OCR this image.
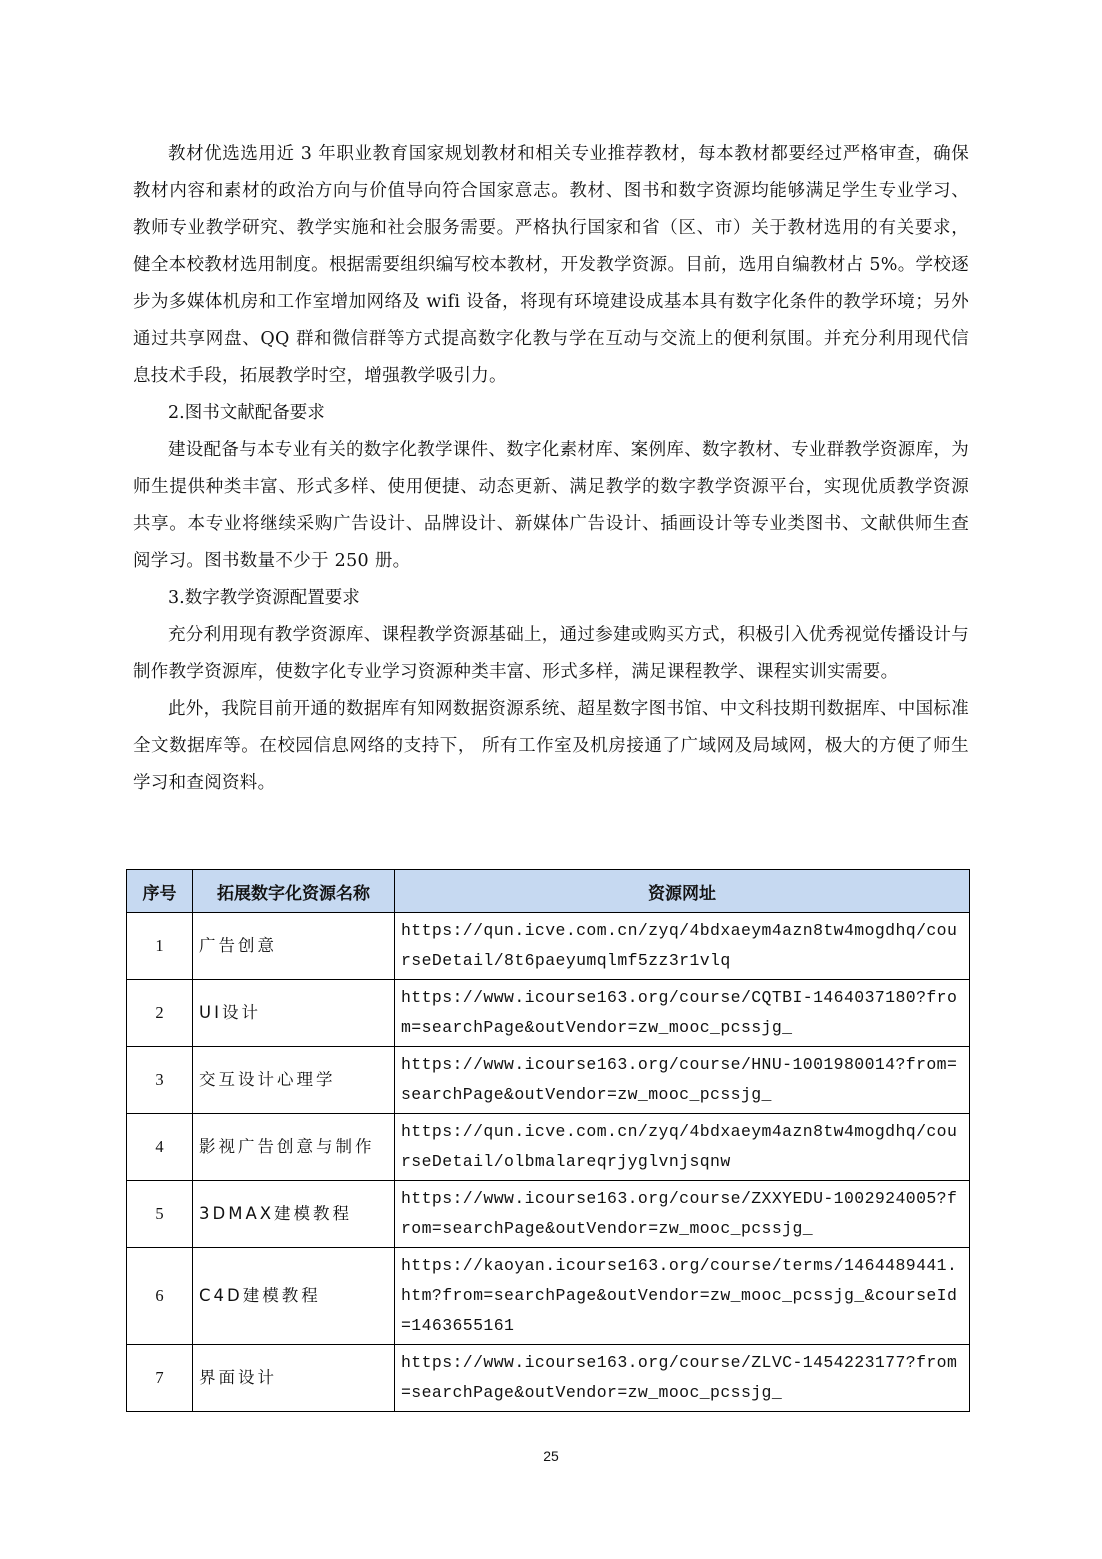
教材优选选用近 3 年职业教育国家规划教材和相关专业推荐教材，每本教材都要经过严格审查，确保教材内容和素材的政治方向与价值导向符合国家意志。教材、图书和数字资源均能够满足学生专业学习、教师专业教学研究、教学实施和社会服务需要。严格执行国家和省（区、市）关于教材选用的有关要求，健全本校教材选用制度。根据需要组织编写校本教材，开发教学资源。目前，选用自编教材占 5%。学校逐步为多媒体机房和工作室增加网络及 wifi 设备，将现有环境建设成基本具有数字化条件的教学环境；另外通过共享网盘、QQ 群和微信群等方式提高数字化教与学在互动与交流上的便利氛围。并充分利用现代信息技术手段，拓展教学时空，增强教学吸引力。

2.图书文献配备要求

建设配备与本专业有关的数字化教学课件、数字化素材库、案例库、数字教材、专业群教学资源库，为师生提供种类丰富、形式多样、使用便捷、动态更新、满足教学的数字教学资源平台，实现优质教学资源共享。本专业将继续采购广告设计、品牌设计、新媒体广告设计、插画设计等专业类图书、文献供师生查阅学习。图书数量不少于 250 册。

3.数字教学资源配置要求

充分利用现有教学资源库、课程教学资源基础上，通过参建或购买方式，积极引入优秀视觉传播设计与制作教学资源库，使数字化专业学习资源种类丰富、形式多样，满足课程教学、课程实训实需要。

此外，我院目前开通的数据库有知网数据资源系统、超星数字图书馆、中文科技期刊数据库、中国标准全文数据库等。在校园信息网络的支持下， 所有工作室及机房接通了广域网及局域网，极大的方便了师生学习和查阅资料。

序号	拓展数字化资源名称	资源网址
1	广告创意	https://qun.icve.com.cn/zyq/4bdxaeym4azn8tw4mogdhq/courseDetail/8t6paeyumqlmf5zz3r1vlq
2	UI设计	https://www.icourse163.org/course/CQTBI-1464037180?from=searchPage&outVendor=zw_mooc_pcssjg_
3	交互设计心理学	https://www.icourse163.org/course/HNU-1001980014?from=searchPage&outVendor=zw_mooc_pcssjg_
4	影视广告创意与制作	https://qun.icve.com.cn/zyq/4bdxaeym4azn8tw4mogdhq/courseDetail/olbmalareqrjyglvnjsqnw
5	3DMAX建模教程	https://www.icourse163.org/course/ZXXYEDU-1002924005?from=searchPage&outVendor=zw_mooc_pcssjg_
6	C4D建模教程	https://kaoyan.icourse163.org/course/terms/1464489441.htm?from=searchPage&outVendor=zw_mooc_pcssjg_&courseId=1463655161
7	界面设计	https://www.icourse163.org/course/ZLVC-1454223177?from=searchPage&outVendor=zw_mooc_pcssjg_
25
